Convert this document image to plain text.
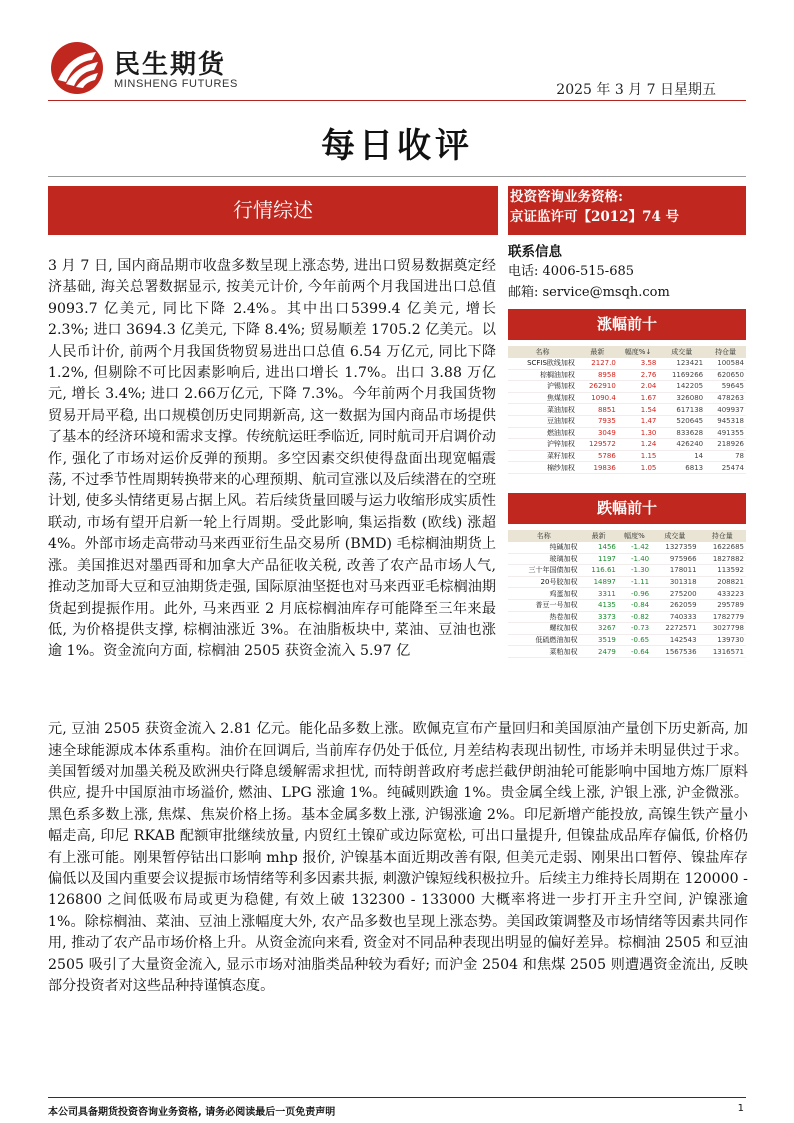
民生期货
MINSHENG FUTURES	2025 年 3 月 7 日星期五
每日收评
行情综述
投资咨询业务资格:
京证监许可【2012】74 号
联系信息
电话: 4006-515-685
邮箱: service@msqh.com

3 月 7 日, 国内商品期市收盘多数呈现上涨态势, 进出口贸易数据奠定经济基础, 海关总署数据显示, 按美元计价, 今年前两个月我国进出口总值 9093.7 亿美元, 同比下降 2.4%。其中出口5399.4 亿美元, 增长 2.3%; 进口 3694.3 亿美元, 下降 8.4%; 贸易顺差 1705.2 亿美元。以人民币计价, 前两个月我国货物贸易进出口总值 6.54 万亿元, 同比下降 1.2%, 但剔除不可比因素影响后, 进出口增长 1.7%。出口 3.88 万亿元, 增长 3.4%; 进口 2.66万亿元, 下降 7.3%。今年前两个月我国货物贸易开局平稳, 出口规模创历史同期新高, 这一数据为国内商品市场提供了基本的经济环境和需求支撑。传统航运旺季临近, 同时航司开启调价动作, 强化了市场对运价反弹的预期。多空因素交织使得盘面出现宽幅震荡, 不过季节性周期转换带来的心理预期、航司宣涨以及后续潜在的空班计划, 使多头情绪更易占据上风。若后续货量回暖与运力收缩形成实质性联动, 市场有望开启新一轮上行周期。受此影响, 集运指数 (欧线) 涨超 4%。外部市场走高带动马来西亚衍生品交易所 (BMD) 毛棕榈油期货上涨。美国推迟对墨西哥和加拿大产品征收关税, 改善了农产品市场人气, 推动芝加哥大豆和豆油期货走强, 国际原油坚挺也对马来西亚毛棕榈油期货起到提振作用。此外, 马来西亚 2 月底棕榈油库存可能降至三年来最低, 为价格提供支撑, 棕榈油涨近 3%。在油脂板块中, 菜油、豆油也涨逾 1%。资金流向方面, 棕榈油 2505 获资金流入 5.97 亿

元, 豆油 2505 获资金流入 2.81 亿元。能化品多数上涨。欧佩克宣布产量回归和美国原油产量创下历史新高, 加速全球能源成本体系重构。油价在回调后, 当前库存仍处于低位, 月差结构表现出韧性, 市场并未明显供过于求。美国暂缓对加墨关税及欧洲央行降息缓解需求担忧, 而特朗普政府考虑拦截伊朗油轮可能影响中国地方炼厂原料供应, 提升中国原油市场溢价, 燃油、LPG 涨逾 1%。纯碱则跌逾 1%。贵金属全线上涨, 沪银上涨, 沪金微涨。黑色系多数上涨, 焦煤、焦炭价格上扬。基本金属多数上涨, 沪锡涨逾 2%。印尼新增产能投放, 高镍生铁产量小幅走高, 印尼 RKAB 配额审批继续放量, 内贸红土镍矿或边际宽松, 可出口量提升, 但镍盐成品库存偏低, 价格仍有上涨可能。刚果暂停钴出口影响 mhp 报价, 沪镍基本面近期改善有限, 但美元走弱、刚果出口暂停、镍盐库存偏低以及国内重要会议提振市场情绪等利多因素共振, 刺激沪镍短线积极拉升。后续主力维持长周期在 120000 - 126800 之间低吸布局或更为稳健, 有效上破 132300 - 133000 大概率将进一步打开主升空间, 沪镍涨逾 1%。除棕榈油、菜油、豆油上涨幅度大外, 农产品多数也呈现上涨态势。美国政策调整及市场情绪等因素共同作用, 推动了农产品市场价格上升。从资金流向来看, 资金对不同品种表现出明显的偏好差异。棕榈油 2505 和豆油 2505 吸引了大量资金流入, 显示市场对油脂类品种较为看好; 而沪金 2504 和焦煤 2505 则遭遇资金流出, 反映部分投资者对这些品种持谨慎态度。

涨幅前十
名称	最新	幅度%↓	成交量	持仓量
SCFIS欧线加权	2127.0	3.58	123421	100584
棕榈油加权	8958	2.76	1169266	620650
沪锡加权	262910	2.04	142205	59645
焦煤加权	1090.4	1.67	326080	478263
菜油加权	8851	1.54	617138	409937
豆油加权	7935	1.47	520645	945318
燃油加权	3049	1.30	833628	491355
沪锌加权	129572	1.24	426240	218926
菜籽加权	5786	1.15	14	78
棉纱加权	19836	1.05	6813	25474
跌幅前十
名称	最新	幅度%	成交量	持仓量
纯碱加权	1456	-1.42	1327359	1622685
玻璃加权	1197	-1.40	975966	1827882
三十年国债加权	116.61	-1.30	178011	113592
20号胶加权	14897	-1.11	301318	208821
鸡蛋加权	3311	-0.96	275200	433223
普豆一号加权	4135	-0.84	262059	295789
热卷加权	3373	-0.82	740333	1782779
螺纹加权	3267	-0.73	2272571	3027798
低硫燃油加权	3519	-0.65	142543	139730
菜粕加权	2479	-0.64	1567536	1316571
本公司具备期货投资咨询业务资格, 请务必阅读最后一页免责声明	1
